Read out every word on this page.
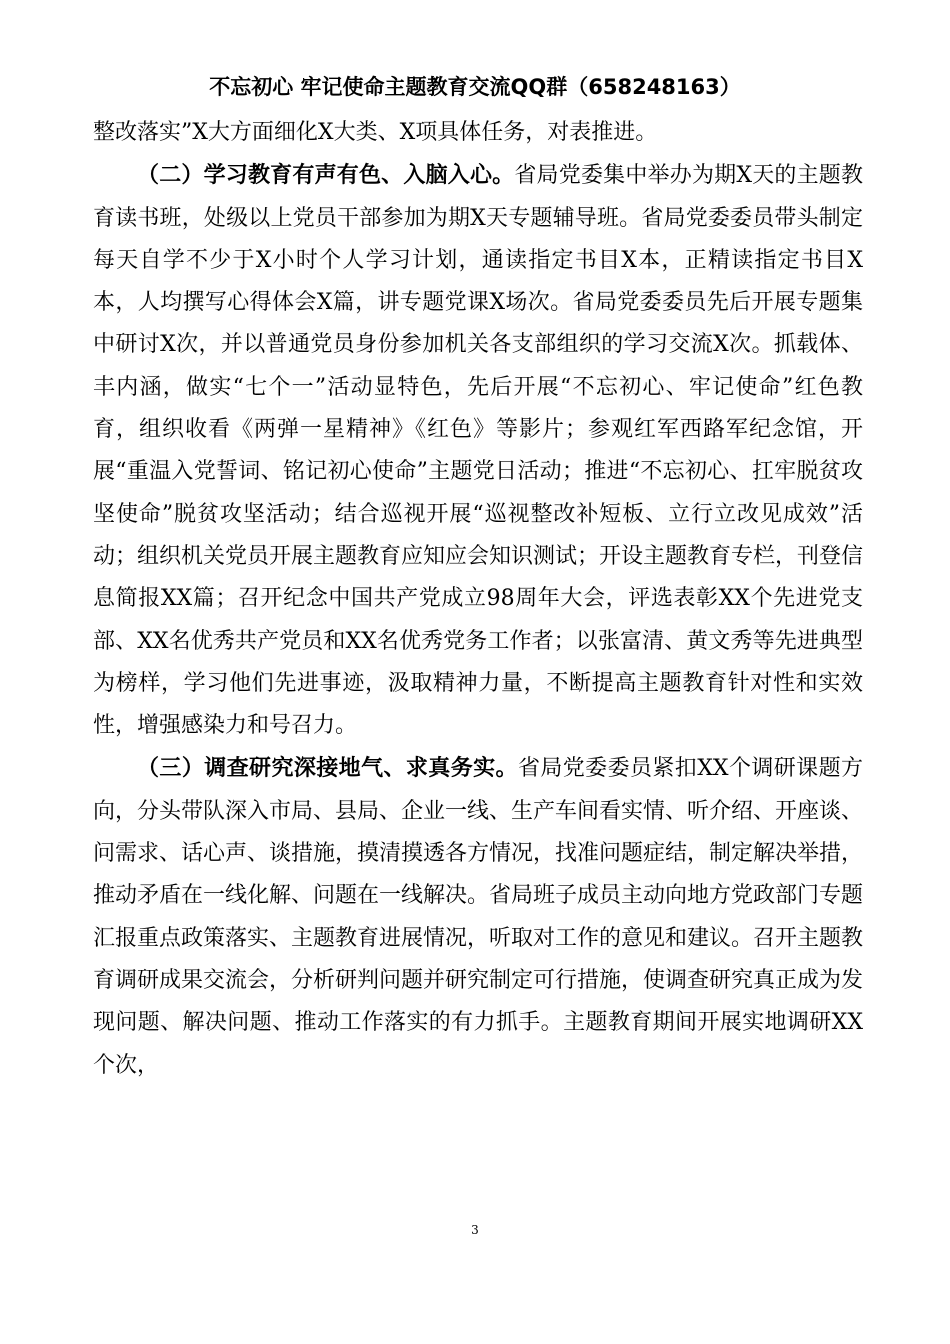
不忘初心 牢记使命主题教育交流QQ群（658248163）

整改落实”X大方面细化X大类、X项具体任务，对表推进。

（二）学习教育有声有色、入脑入心。省局党委集中举办为期X天的主题教育读书班，处级以上党员干部参加为期X天专题辅导班。省局党委委员带头制定每天自学不少于X小时个人学习计划，通读指定书目X本，正精读指定书目X本，人均撰写心得体会X篇，讲专题党课X场次。省局党委委员先后开展专题集中研讨X次，并以普通党员身份参加机关各支部组织的学习交流X次。抓载体、丰内涵，做实“七个一”活动显特色，先后开展“不忘初心、牢记使命”红色教育，组织收看《两弹一星精神》《红色》等影片；参观红军西路军纪念馆，开展“重温入党誓词、铭记初心使命”主题党日活动；推进“不忘初心、扛牢脱贫攻坚使命”脱贫攻坚活动；结合巡视开展“巡视整改补短板、立行立改见成效”活动；组织机关党员开展主题教育应知应会知识测试；开设主题教育专栏，刊登信息简报XX篇；召开纪念中国共产党成立98周年大会，评选表彰XX个先进党支部、XX名优秀共产党员和XX名优秀党务工作者；以张富清、黄文秀等先进典型为榜样，学习他们先进事迹，汲取精神力量，不断提高主题教育针对性和实效性，增强感染力和号召力。

（三）调查研究深接地气、求真务实。省局党委委员紧扣XX个调研课题方向，分头带队深入市局、县局、企业一线、生产车间看实情、听介绍、开座谈、问需求、话心声、谈措施，摸清摸透各方情况，找准问题症结，制定解决举措，推动矛盾在一线化解、问题在一线解决。省局班子成员主动向地方党政部门专题汇报重点政策落实、主题教育进展情况，听取对工作的意见和建议。召开主题教育调研成果交流会，分析研判问题并研究制定可行措施，使调查研究真正成为发现问题、解决问题、推动工作落实的有力抓手。主题教育期间开展实地调研XX个次，

3
